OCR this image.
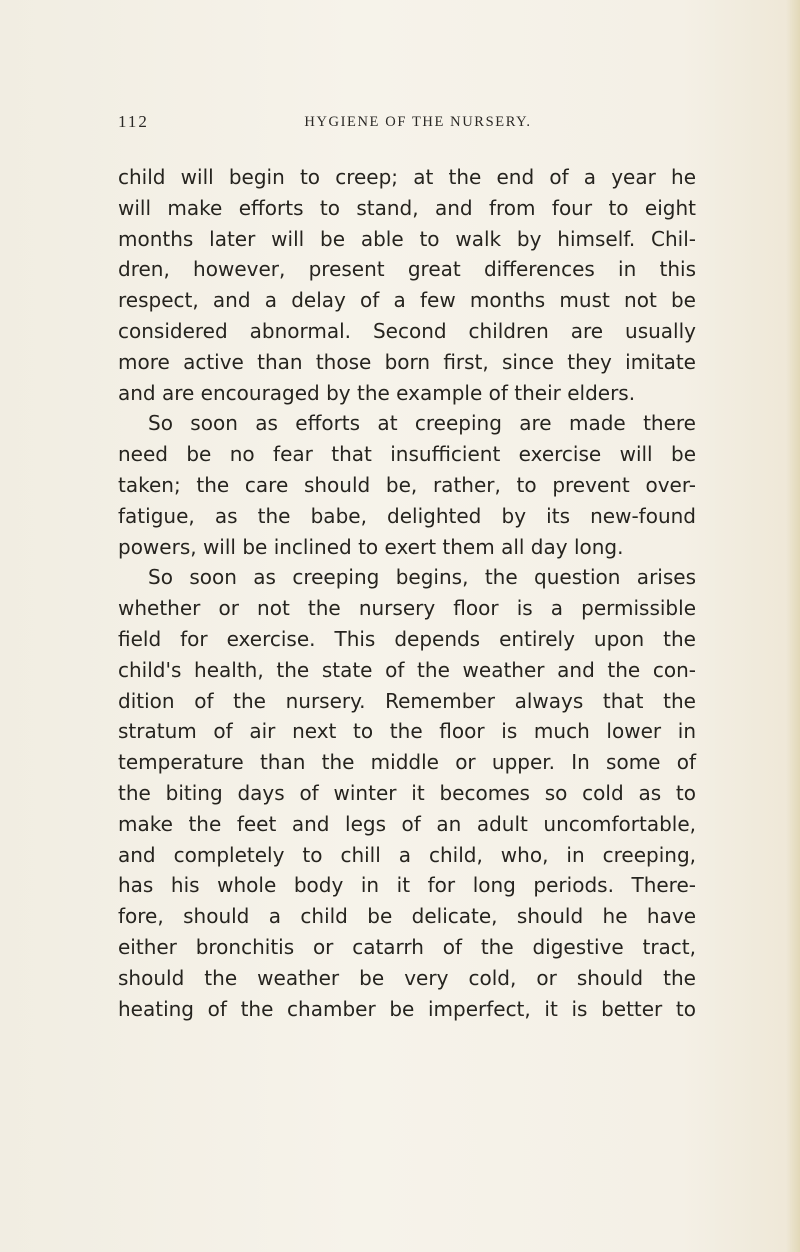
112	HYGIENE OF THE NURSERY.
child will begin to creep; at the end of a year he
will make efforts to stand, and from four to eight
months later will be able to walk by himself. Chil-
dren, however, present great differences in this
respect, and a delay of a few months must not be
considered abnormal. Second children are usually
more active than those born first, since they imitate
and are encouraged by the example of their elders.
So soon as efforts at creeping are made there
need be no fear that insufficient exercise will be
taken; the care should be, rather, to prevent over-
fatigue, as the babe, delighted by its new-found
powers, will be inclined to exert them all day long.
So soon as creeping begins, the question arises
whether or not the nursery floor is a permissible
field for exercise. This depends entirely upon the
child's health, the state of the weather and the con-
dition of the nursery. Remember always that the
stratum of air next to the floor is much lower in
temperature than the middle or upper. In some of
the biting days of winter it becomes so cold as to
make the feet and legs of an adult uncomfortable,
and completely to chill a child, who, in creeping,
has his whole body in it for long periods. There-
fore, should a child be delicate, should he have
either bronchitis or catarrh of the digestive tract,
should the weather be very cold, or should the
heating of the chamber be imperfect, it is better to
